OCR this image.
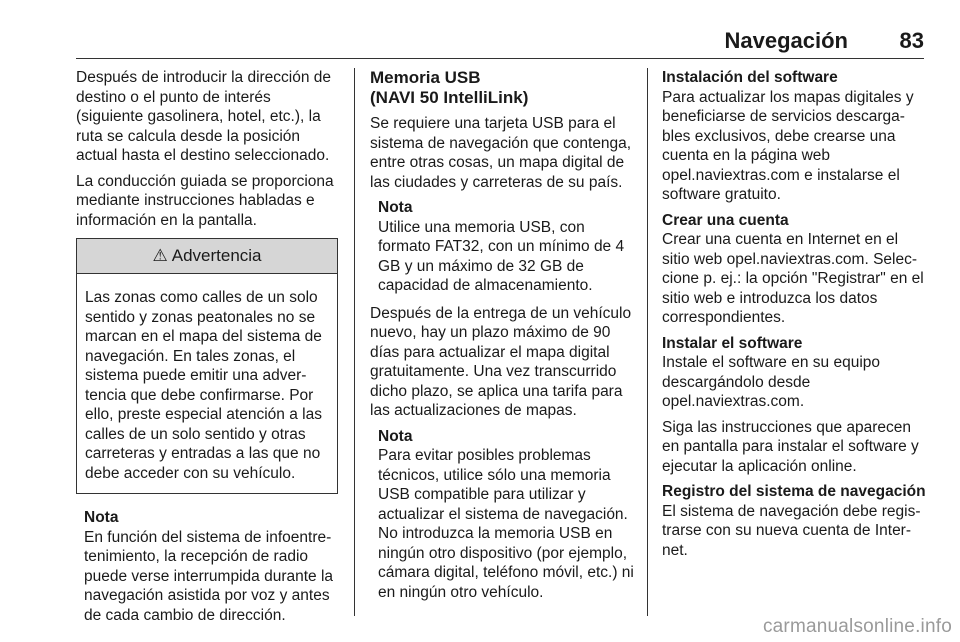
Navegación 83

Después de introducir la dirección de destino o el punto de interés (siguiente gasolinera, hotel, etc.), la ruta se calcula desde la posición actual hasta el destino seleccionado.

La conducción guiada se proporciona mediante instrucciones habladas e información en la pantalla.

⚠ Advertencia
Las zonas como calles de un solo sentido y zonas peatonales no se marcan en el mapa del sistema de navegación. En tales zonas, el sistema puede emitir una adver-tencia que debe confirmarse. Por ello, preste especial atención a las calles de un solo sentido y otras carreteras y entradas a las que no debe acceder con su vehículo.
Nota
En función del sistema de infoentre-tenimiento, la recepción de radio puede verse interrumpida durante la navegación asistida por voz y antes de cada cambio de dirección.
Memoria USB
(NAVI 50 IntelliLink)

Se requiere una tarjeta USB para el sistema de navegación que contenga, entre otras cosas, un mapa digital de las ciudades y carreteras de su país.

Nota
Utilice una memoria USB, con formato FAT32, con un mínimo de 4 GB y un máximo de 32 GB de capacidad de almacenamiento.

Después de la entrega de un vehículo nuevo, hay un plazo máximo de 90 días para actualizar el mapa digital gratuitamente. Una vez transcurrido dicho plazo, se aplica una tarifa para las actualizaciones de mapas.

Nota
Para evitar posibles problemas técnicos, utilice sólo una memoria USB compatible para utilizar y actualizar el sistema de navegación. No introduzca la memoria USB en ningún otro dispositivo (por ejemplo, cámara digital, teléfono móvil, etc.) ni en ningún otro vehículo.
Instalación del software

Para actualizar los mapas digitales y beneficiarse de servicios descarga-bles exclusivos, debe crearse una cuenta en la página web opel.naviextras.com e instalarse el software gratuito.

Crear una cuenta

Crear una cuenta en Internet en el sitio web opel.naviextras.com. Selec-cione p. ej.: la opción "Registrar" en el sitio web e introduzca los datos correspondientes.

Instalar el software

Instale el software en su equipo descargándolo desde opel.naviextras.com.

Siga las instrucciones que aparecen en pantalla para instalar el software y ejecutar la aplicación online.

Registro del sistema de navegación

El sistema de navegación debe regis-trarse con su nueva cuenta de Inter-net.

carmanualsonline.info
